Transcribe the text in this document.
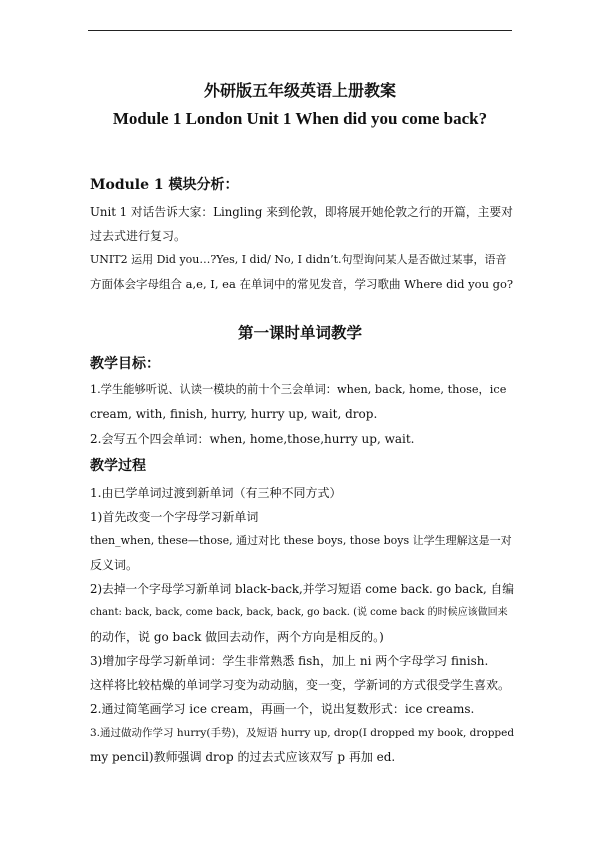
外研版五年级英语上册教案
Module 1 London Unit 1 When did you come back?
Module 1 模块分析：
Unit 1 对话告诉大家：Lingling 来到伦敦，即将展开她伦敦之行的开篇，主要对
过去式进行复习。
UNIT2 运用 Did you…?Yes, I did/ No, I didn’t.句型询问某人是否做过某事，语音
方面体会字母组合 a,e, I, ea 在单词中的常见发音，学习歌曲 Where did you go?
第一课时单词教学
教学目标：
1.学生能够听说、认读一模块的前十个三会单词：when, back, home, those，ice
cream, with, finish, hurry, hurry up, wait, drop.
2.会写五个四会单词：when, home,those,hurry up, wait.
教学过程
1.由已学单词过渡到新单词（有三种不同方式）
1)首先改变一个字母学习新单词
then_when, these—those, 通过对比 these boys, those boys 让学生理解这是一对
反义词。
2)去掉一个字母学习新单词 black-back,并学习短语 come back. go back, 自编
chant: back, back, come back, back, back, go back. (说 come back 的时候应该做回来
的动作，说 go back 做回去动作，两个方向是相反的。)
3)增加字母学习新单词：学生非常熟悉 fish，加上 ni 两个字母学习 finish.
这样将比较枯燥的单词学习变为动动脑，变一变，学新词的方式很受学生喜欢。
2.通过简笔画学习 ice cream，再画一个，说出复数形式：ice creams.
3.通过做动作学习 hurry(手势)，及短语 hurry up, drop(I dropped my book, dropped
my pencil)教师强调 drop 的过去式应该双写 p 再加 ed.
